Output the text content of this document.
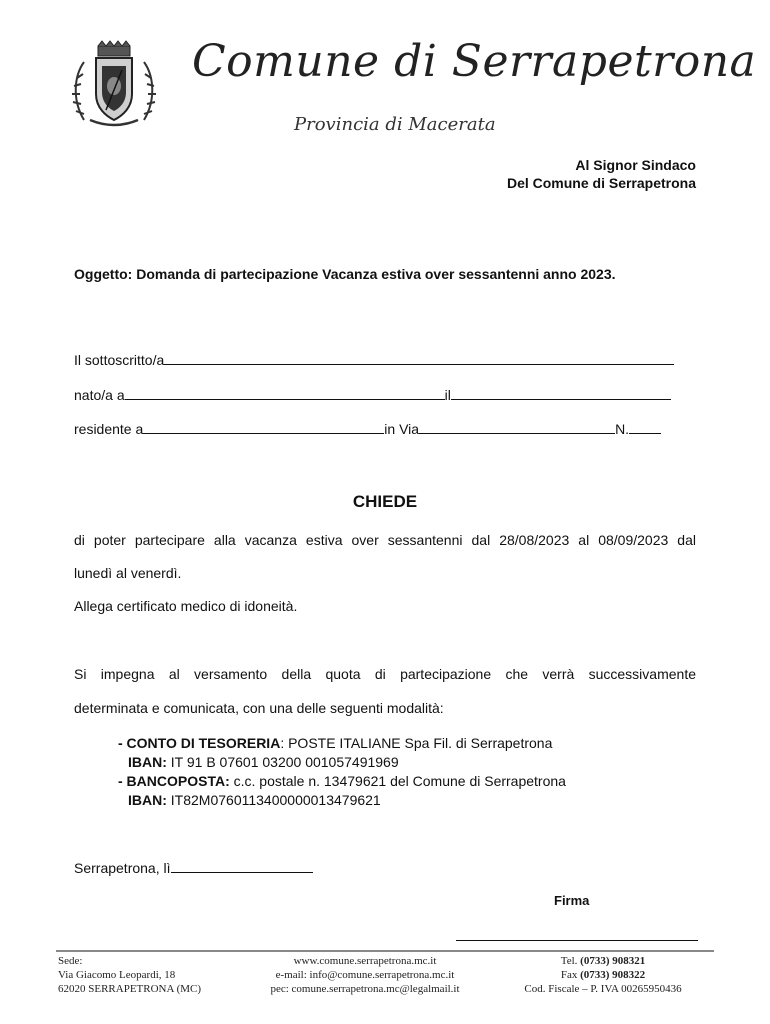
Comune di Serrapetrona
Provincia di Macerata
Al Signor Sindaco
Del Comune di Serrapetrona
Oggetto: Domanda di partecipazione Vacanza estiva over sessantenni anno 2023.
Il sottoscritto/a
nato/a a	il
residente a	in Via	N.
CHIEDE
di poter partecipare alla vacanza estiva over sessantenni dal 28/08/2023 al 08/09/2023 dal
lunedì al venerdì.
Allega certificato medico di idoneità.
Si impegna al versamento della quota di partecipazione che verrà successivamente
determinata e comunicata, con una delle seguenti modalità:
- CONTO DI TESORERIA: POSTE ITALIANE Spa Fil. di Serrapetrona
IBAN: IT 91 B 07601 03200 001057491969
- BANCOPOSTA: c.c. postale n. 13479621 del Comune di Serrapetrona
IBAN: IT82M0760113400000013479621
Serrapetrona, lì
Firma
Sede:
Via Giacomo Leopardi, 18
62020 SERRAPETRONA (MC)
www.comune.serrapetrona.mc.it
e-mail: info@comune.serrapetrona.mc.it
pec: comune.serrapetrona.mc@legalmail.it
Tel. (0733) 908321
Fax (0733) 908322
Cod. Fiscale – P. IVA 00265950436
